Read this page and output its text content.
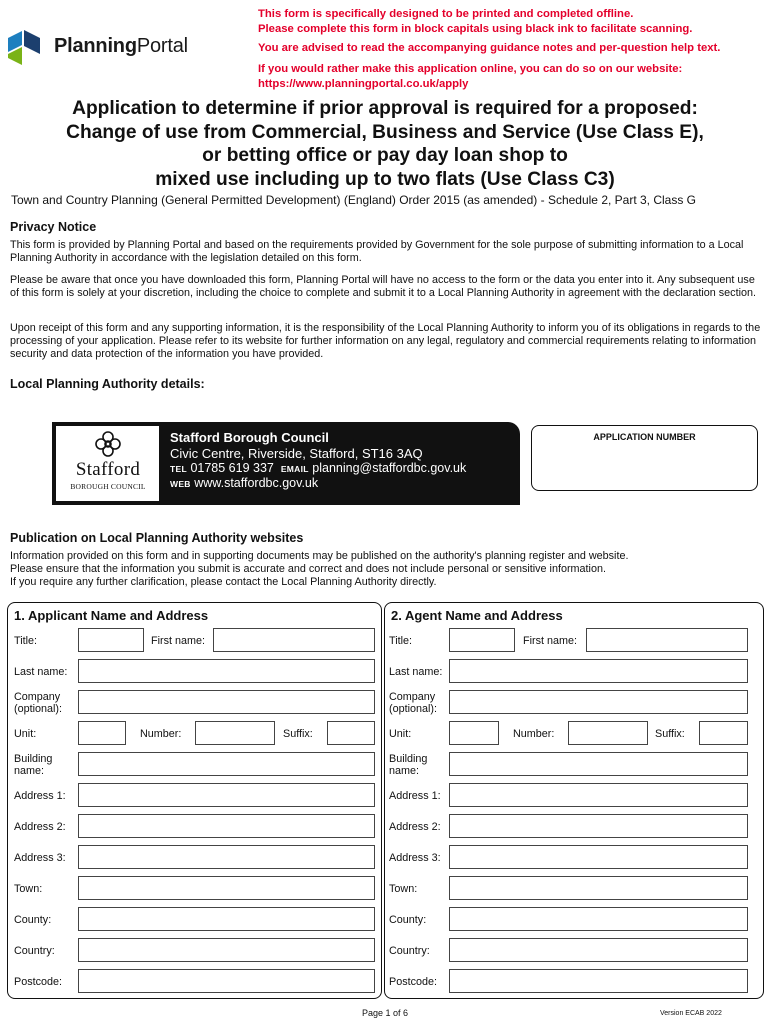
PlanningPortal
This form is specifically designed to be printed and completed offline.
Please complete this form in block capitals using black ink to facilitate scanning.
You are advised to read the accompanying guidance notes and per-question help text.
If you would rather make this application online, you can do so on our website:
https://www.planningportal.co.uk/apply
Application to determine if prior approval is required for a proposed:
Change of use from Commercial, Business and Service (Use Class E),
or betting office or pay day loan shop to
mixed use including up to two flats (Use Class C3)
Town and Country Planning (General Permitted Development) (England) Order 2015 (as amended) - Schedule 2, Part 3, Class G
Privacy Notice
This form is provided by Planning Portal and based on the requirements provided by Government for the sole purpose of submitting information to a Local Planning Authority in accordance with the legislation detailed on this form.
Please be aware that once you have downloaded this form, Planning Portal will have no access to the form or the data you enter into it. Any subsequent use of this form is solely at your discretion, including the choice to complete and submit it to a Local Planning Authority in agreement with the declaration section.
Upon receipt of this form and any supporting information, it is the responsibility of the Local Planning Authority to inform you of its obligations in regards to the processing of your application. Please refer to its website for further information on any legal, regulatory and commercial requirements relating to information security and data protection of the information you have provided.
Local Planning Authority details:
Stafford
BOROUGH COUNCIL
Stafford Borough Council
Civic Centre, Riverside, Stafford, ST16 3AQ
TEL 01785 619 337 EMAIL planning@staffordbc.gov.uk
WEB www.staffordbc.gov.uk
APPLICATION NUMBER
Publication on Local Planning Authority websites
Information provided on this form and in supporting documents may be published on the authority's planning register and website.
Please ensure that the information you submit is accurate and correct and does not include personal or sensitive information.
If you require any further clarification, please contact the Local Planning Authority directly.
1. Applicant Name and Address
Title:	First name:
Last name:
Company
(optional):
Unit:	Number:	Suffix:
Building
name:
Address 1:
Address 2:
Address 3:
Town:
County:
Country:
Postcode:
2. Agent Name and Address
Title:	First name:
Last name:
Company
(optional):
Unit:	Number:	Suffix:
Building
name:
Address 1:
Address 2:
Address 3:
Town:
County:
Country:
Postcode:
Page 1 of 6	Version ECAB 2022
